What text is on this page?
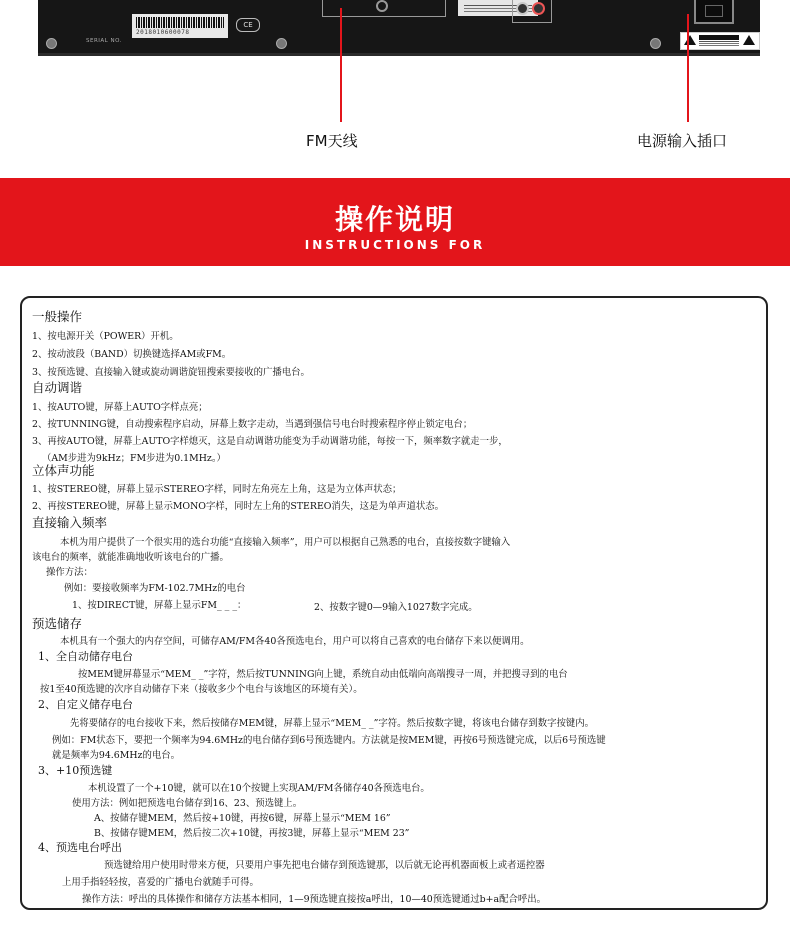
2018010600078
SERIAL NO.
CE
FM天线	电源输入插口
操作说明
INSTRUCTIONS FOR
一般操作
1、按电源开关（POWER）开机。
2、按动波段（BAND）切换键选择AM或FM。
3、按预选键、直接输入键或旋动调谐旋钮搜索要接收的广播电台。
自动调谐
1、按AUTO键，屏幕上AUTO字样点亮；
2、按TUNNING键，自动搜索程序启动，屏幕上数字走动，当遇到强信号电台时搜索程序停止锁定电台；
3、再按AUTO键，屏幕上AUTO字样熄灭，这是自动调谐功能变为手动调谐功能，每按一下，频率数字就走一步，
（AM步进为9kHz；FM步进为0.1MHz。）
立体声功能
1、按STEREO键，屏幕上显示STEREO字样，同时左角亮左上角，这是为立体声状态；
2、再按STEREO键，屏幕上显示MONO字样，同时左上角的STEREO消失，这是为单声道状态。
直接输入频率
本机为用户提供了一个很实用的选台功能“直接输入频率”，用户可以根据自己熟悉的电台，直接按数字键输入
该电台的频率，就能准确地收听该电台的广播。
操作方法：
例如：要接收频率为FM-102.7MHz的电台
1、按DIRECT键，屏幕上显示FM_ _ _：	2、按数字键0—9输入1027数字完成。
预选储存
本机具有一个强大的内存空间，可储存AM/FM各40各预选电台，用户可以将自己喜欢的电台储存下来以便调用。
1、全自动储存电台
按MEM键屏幕显示“MEM_ _”字符，然后按TUNNING向上键，系统自动由低端向高端搜寻一周，并把搜寻到的电台
按1至40预选键的次序自动储存下来（接收多少个电台与该地区的环境有关）。
2、自定义储存电台
先将要储存的电台接收下来，然后按储存MEM键，屏幕上显示“MEM_ _”字符。然后按数字键，将该电台储存到数字按键内。
例如：FM状态下，要把一个频率为94.6MHz的电台储存到6号预选键内。方法就是按MEM键，再按6号预选键完成，以后6号预选键
就是频率为94.6MHz的电台。
3、+10预选键
本机设置了一个+10键，就可以在10个按键上实现AM/FM各储存40各预选电台。
使用方法：例如把预选电台储存到16、23、预选键上。
A、按储存键MEM，然后按+10键，再按6键，屏幕上显示“MEM 16”
B、按储存键MEM，然后按二次+10键，再按3键，屏幕上显示“MEM 23”
4、预选电台呼出
预选键给用户使用时带来方便，只要用户事先把电台储存到预选键那，以后就无论再机器面板上或者遥控器
上用手指轻轻按，喜爱的广播电台就随手可得。
操作方法：呼出的具体操作和储存方法基本相同，1—9预选键直接按a呼出，10—40预选键通过b+a配合呼出。
